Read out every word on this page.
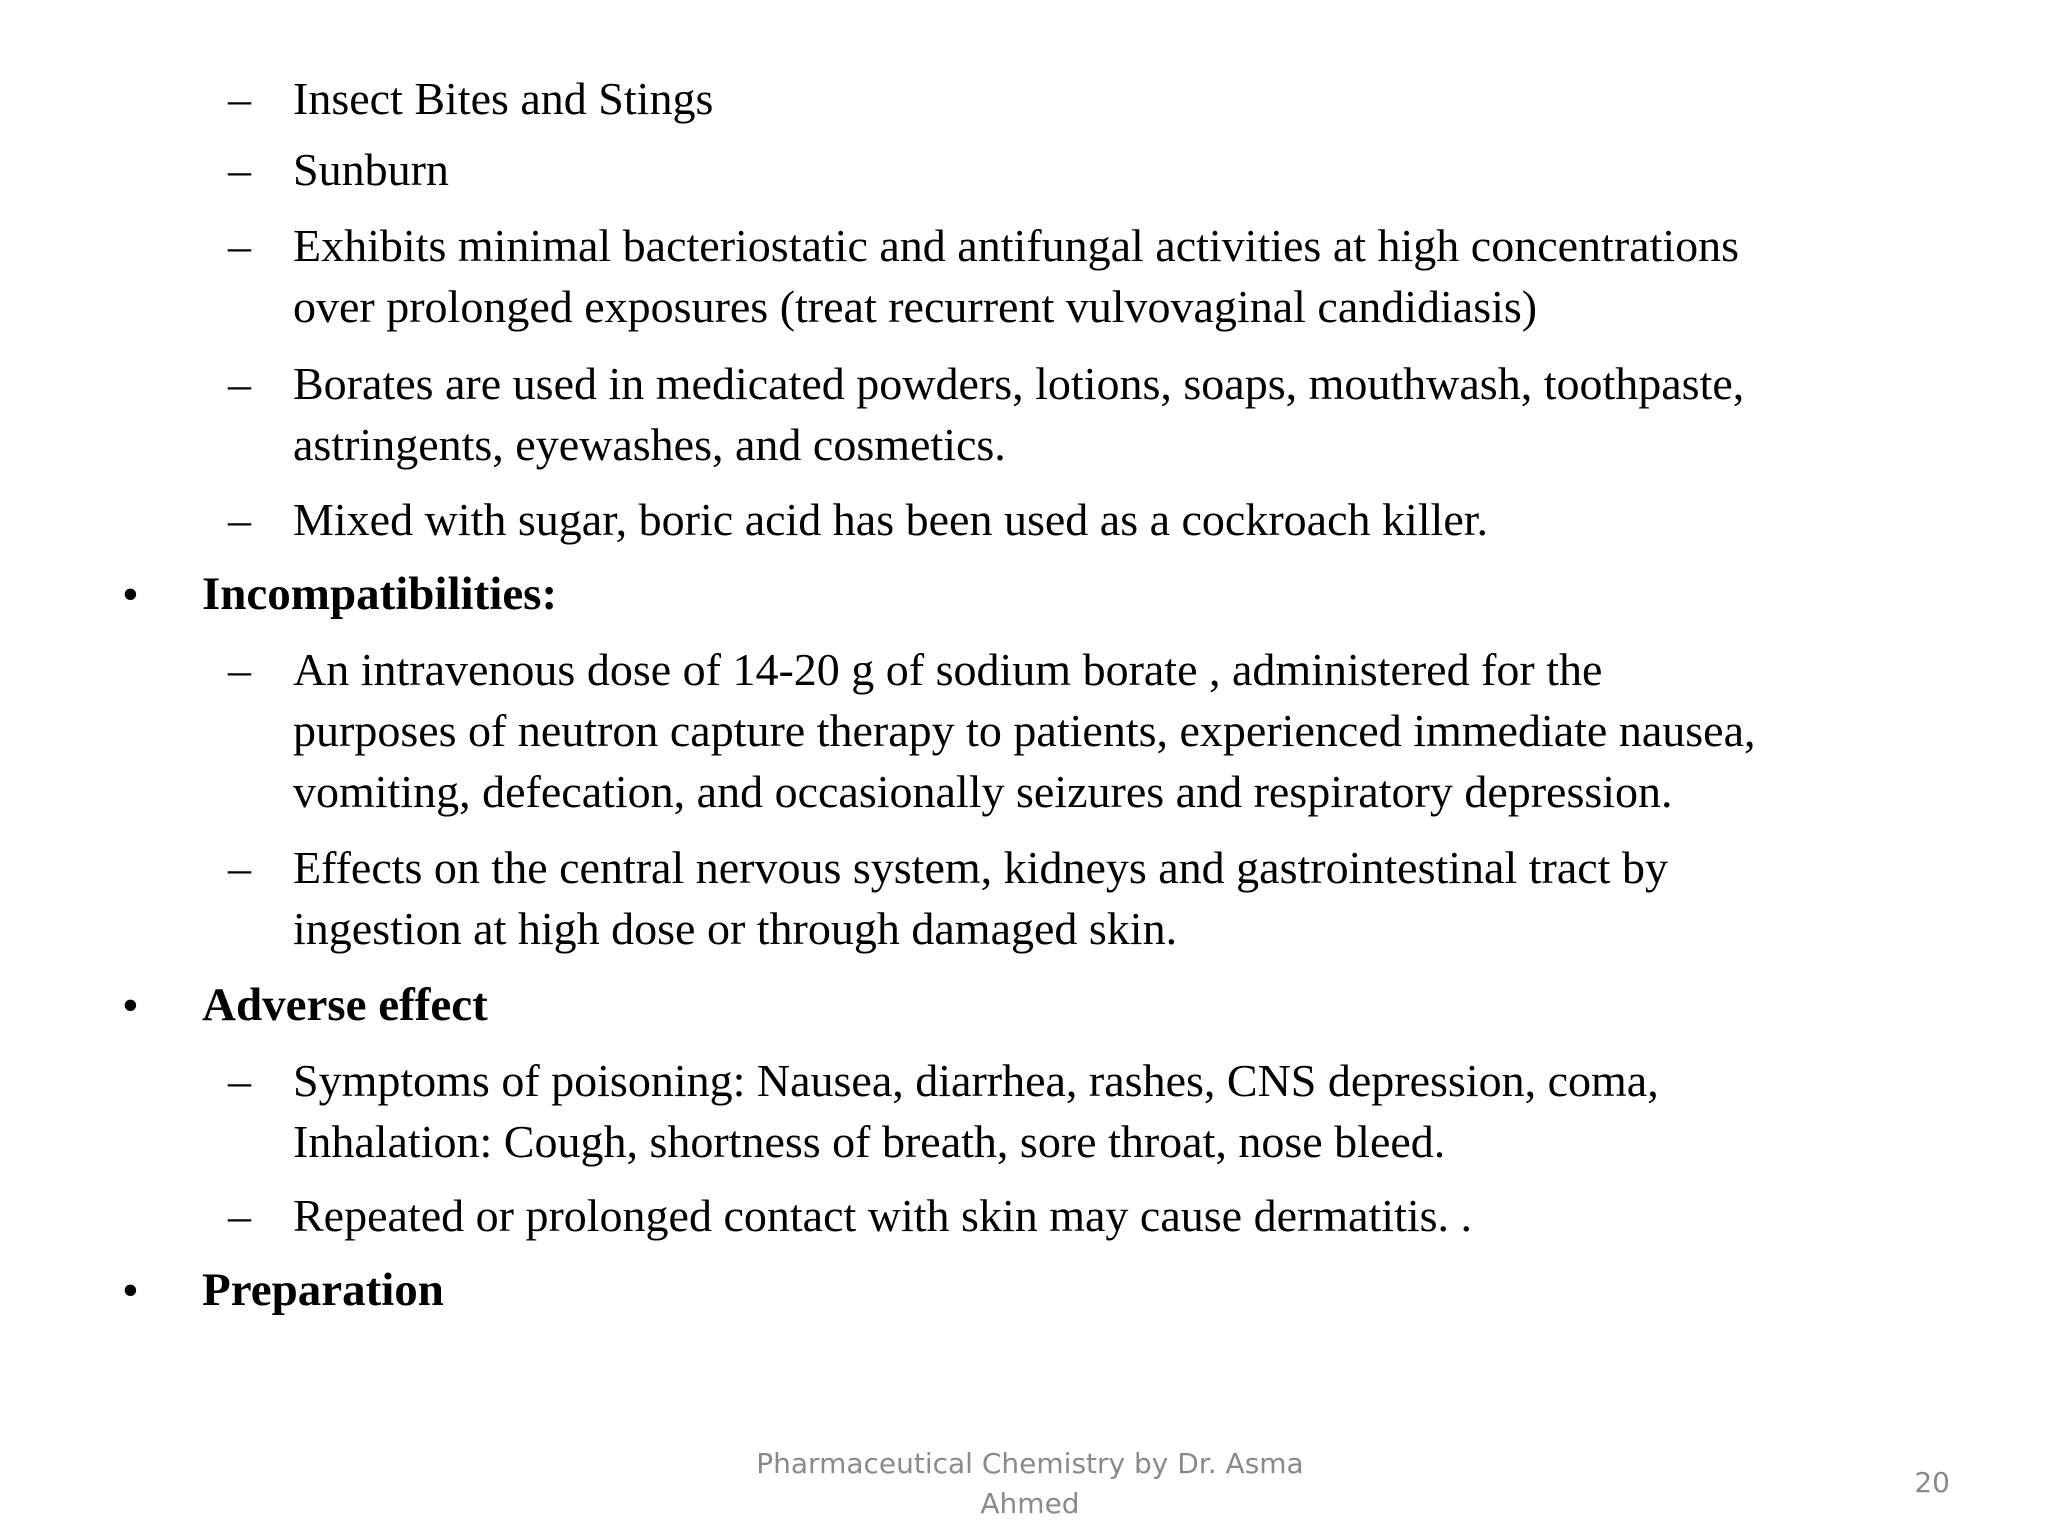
– Insect Bites and Stings
– Sunburn
– Exhibits minimal bacteriostatic and antifungal activities at high concentrations
over prolonged exposures (treat recurrent vulvovaginal candidiasis)
– Borates are used in medicated powders, lotions, soaps, mouthwash, toothpaste,
astringents, eyewashes, and cosmetics.
– Mixed with sugar, boric acid has been used as a cockroach killer.
• Incompatibilities:
– An intravenous dose of 14-20 g of sodium borate , administered for the
purposes of neutron capture therapy to patients, experienced immediate nausea,
vomiting, defecation, and occasionally seizures and respiratory depression.
– Effects on the central nervous system, kidneys and gastrointestinal tract by
ingestion at high dose or through damaged skin.
• Adverse effect
– Symptoms of poisoning: Nausea, diarrhea, rashes, CNS depression, coma,
Inhalation: Cough, shortness of breath, sore throat, nose bleed.
– Repeated or prolonged contact with skin may cause dermatitis. .
• Preparation
Pharmaceutical Chemistry by Dr. Asma
Ahmed
20
